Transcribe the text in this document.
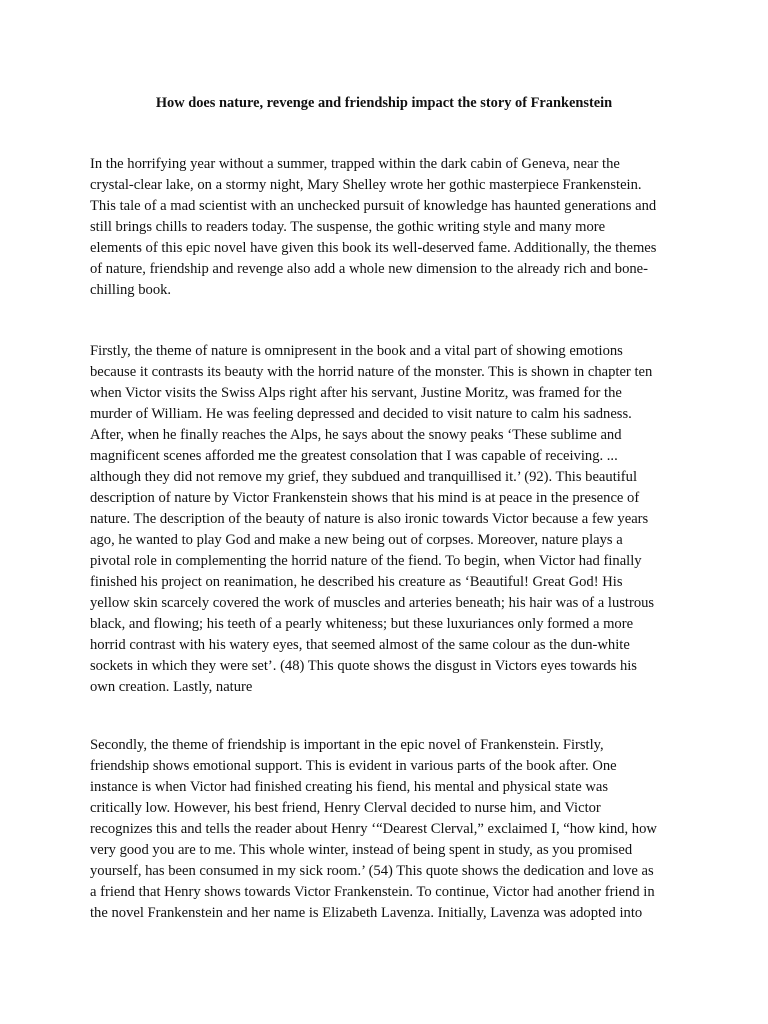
How does nature, revenge and friendship impact the story of Frankenstein
In the horrifying year without a summer, trapped within the dark cabin of Geneva, near the
crystal-clear lake, on a stormy night, Mary Shelley wrote her gothic masterpiece Frankenstein.
This tale of a mad scientist with an unchecked pursuit of knowledge has haunted generations and
still brings chills to readers today. The suspense, the gothic writing style and many more
elements of this epic novel have given this book its well-deserved fame. Additionally, the themes
of nature, friendship and revenge also add a whole new dimension to the already rich and bone-
chilling book.
Firstly, the theme of nature is omnipresent in the book and a vital part of showing emotions
because it contrasts its beauty with the horrid nature of the monster. This is shown in chapter ten
when Victor visits the Swiss Alps right after his servant, Justine Moritz, was framed for the
murder of William. He was feeling depressed and decided to visit nature to calm his sadness.
After, when he finally reaches the Alps, he says about the snowy peaks ‘These sublime and
magnificent scenes afforded me the greatest consolation that I was capable of receiving. ...
although they did not remove my grief, they subdued and tranquillised it.’ (92). This beautiful
description of nature by Victor Frankenstein shows that his mind is at peace in the presence of
nature. The description of the beauty of nature is also ironic towards Victor because a few years
ago, he wanted to play God and make a new being out of corpses. Moreover, nature plays a
pivotal role in complementing the horrid nature of the fiend. To begin, when Victor had finally
finished his project on reanimation, he described his creature as ‘Beautiful! Great God! His
yellow skin scarcely covered the work of muscles and arteries beneath; his hair was of a lustrous
black, and flowing; his teeth of a pearly whiteness; but these luxuriances only formed a more
horrid contrast with his watery eyes, that seemed almost of the same colour as the dun-white
sockets in which they were set’. (48) This quote shows the disgust in Victors eyes towards his
own creation. Lastly, nature
Secondly, the theme of friendship is important in the epic novel of Frankenstein. Firstly,
friendship shows emotional support. This is evident in various parts of the book after. One
instance is when Victor had finished creating his fiend, his mental and physical state was
critically low. However, his best friend, Henry Clerval decided to nurse him, and Victor
recognizes this and tells the reader about Henry ‘“Dearest Clerval,” exclaimed I, “how kind, how
very good you are to me. This whole winter, instead of being spent in study, as you promised
yourself, has been consumed in my sick room.’ (54) This quote shows the dedication and love as
a friend that Henry shows towards Victor Frankenstein. To continue, Victor had another friend in
the novel Frankenstein and her name is Elizabeth Lavenza. Initially, Lavenza was adopted into
